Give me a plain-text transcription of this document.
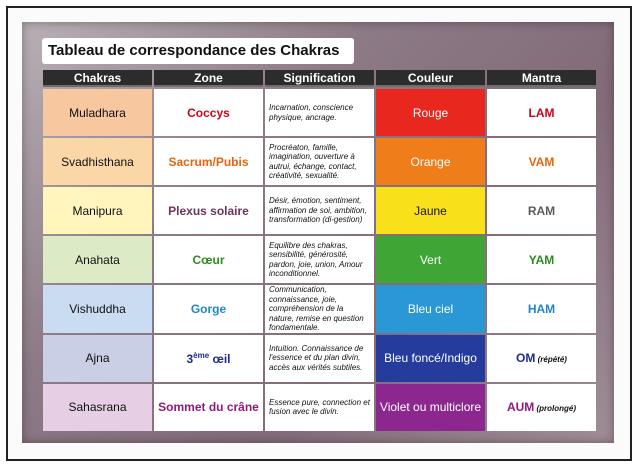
Tableau de correspondance des Chakras
Chakras	Zone	Signification	Couleur	Mantra
Muladhara	Coccys	Incarnation, conscience physique, ancrage.	Rouge	LAM
Svadhisthana	Sacrum/Pubis	Procréaton, famille, imagination, ouverture à autrui, échange, contact, créativité, sexualité.	Orange	VAM
Manipura	Plexus solaire	Désir, émotion, sentiment, affirmation de soi, ambition, transformation (di-gestion)	Jaune	RAM
Anahata	Cœur	Equilibre des chakras, sensibilité, générosité, pardon, joie, union, Amour inconditionnel.	Vert	YAM
Vishuddha	Gorge	Communication, connaissance, joie, compréhension de la nature, remise en question fondamentale.	Bleu ciel	HAM
Ajna	3ème œil	Intuition. Connaissance de l'essence et du plan divin, accès aux vérités subtiles.	Bleu foncé/Indigo	OM (répété)
Sahasrana	Sommet du crâne	Essence pure, connection et fusion avec le divin.	Violet ou multiclore	AUM (prolongé)
